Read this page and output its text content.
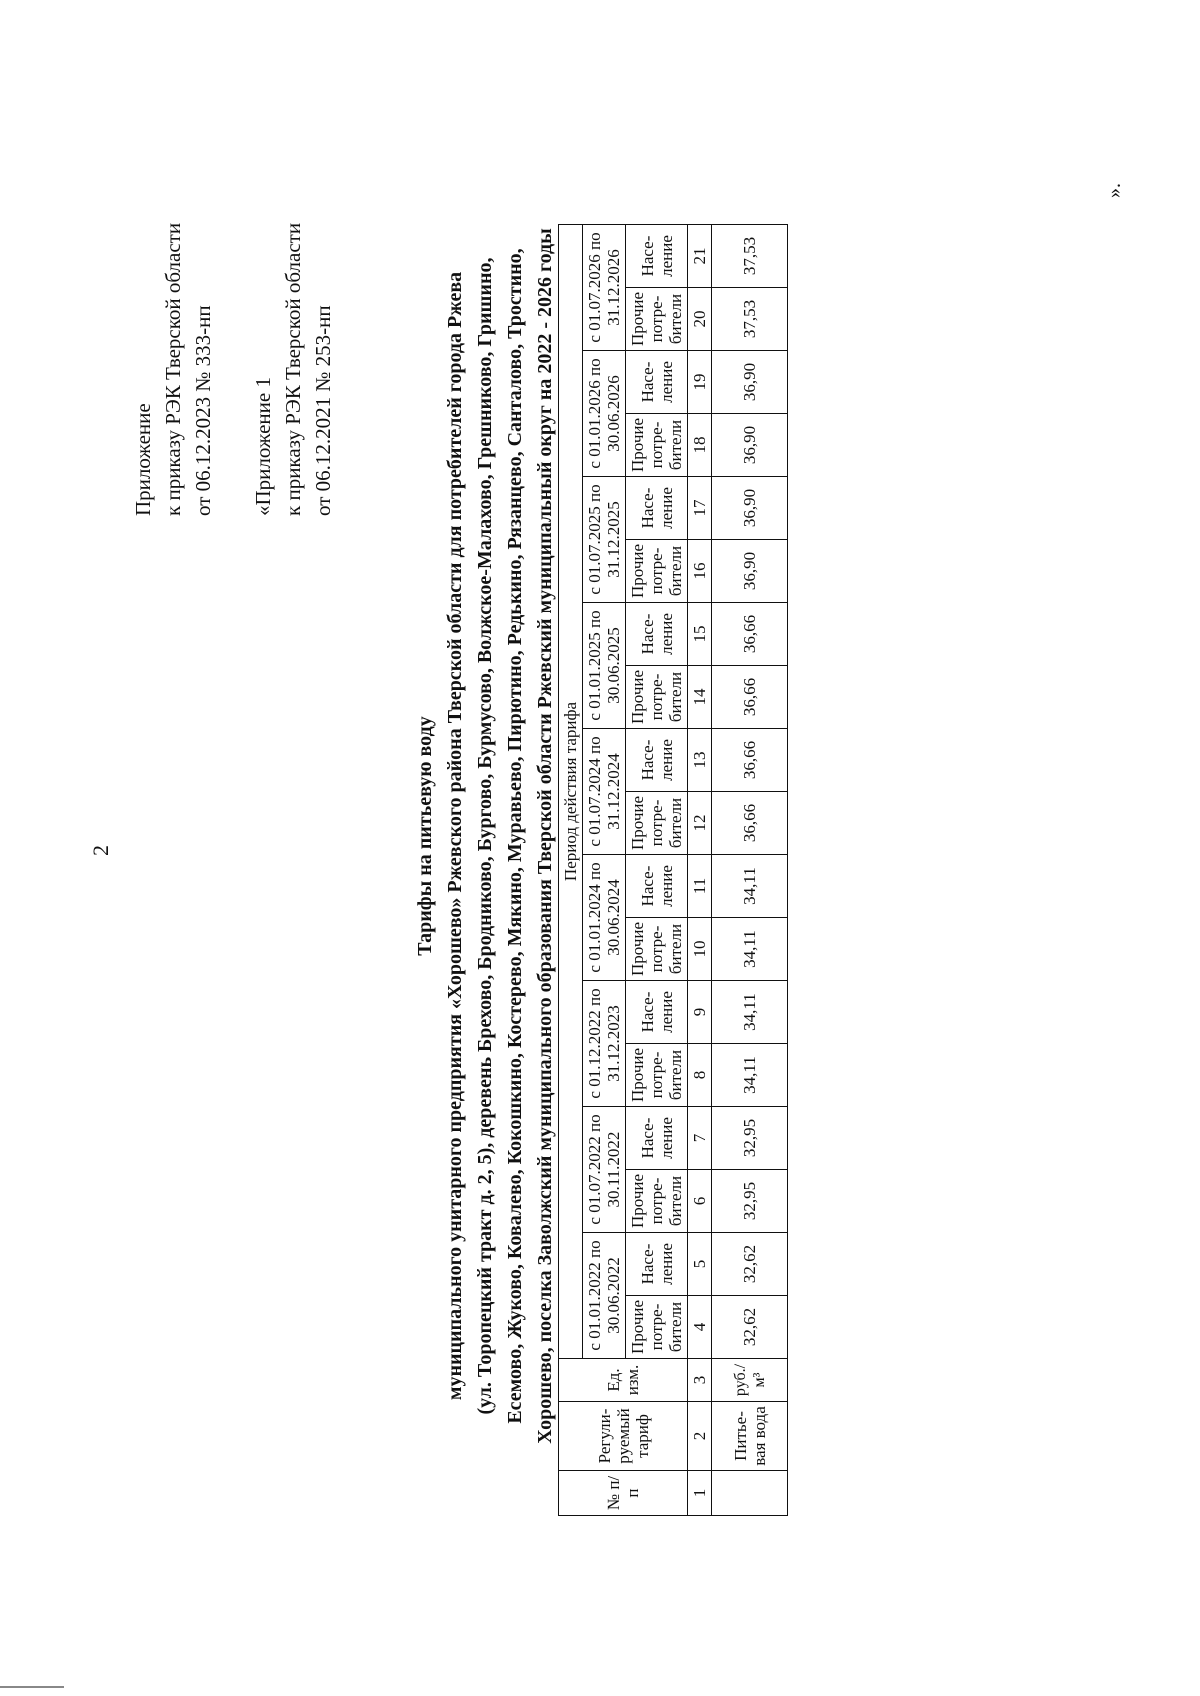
2
Приложение к приказу РЭК Тверской области от 06.12.2023 № 333-нп «Приложение 1 к приказу РЭК Тверской области от 06.12.2021 № 253-нп
Тарифы на питьевую воду муниципального унитарного предприятия «Хорошево» Ржевского района Тверской области для потребителей города Ржева (ул. Торопецкий тракт д. 2, 5), деревень Брехово, Бродниково, Бургово, Бурмусово, Волжское-Малахово, Грешниково, Гришино, Есемово, Жуково, Ковалево, Кокошкино, Костерево, Мякино, Муравьево, Пирютино, Редькино, Рязанцево, Санталово, Тростино, Хорошево, поселка Заволжский муниципального образования Тверской области Ржевский муниципальный округ на 2022 - 2026 годы
№ п/п	Регули-руемый тариф	Ед. изм.	Период действия тарифа																	
			с 01.01.2022 по 30.06.2022		с 01.07.2022 по 30.11.2022		с 01.12.2022 по 31.12.2023		с 01.01.2024 по 30.06.2024		с 01.07.2024 по 31.12.2024		с 01.01.2025 по 30.06.2025		с 01.07.2025 по 31.12.2025		с 01.01.2026 по 30.06.2026		с 01.07.2026 по 31.12.2026	
			Прочие потре-бители	Насе-ление	Прочие потре-бители	Насе-ление	Прочие потре-бители	Насе-ление	Прочие потре-бители	Насе-ление	Прочие потре-бители	Насе-ление	Прочие потре-бители	Насе-ление	Прочие потре-бители	Насе-ление	Прочие потре-бители	Насе-ление	Прочие потре-бители	Насе-ление
1	2	3	4	5	6	7	8	9	10	11	12	13	14	15	16	17	18	19	20	21
	Питье-вая вода	руб./м³	32,62	32,62	32,95	32,95	34,11	34,11	34,11	34,11	36,66	36,66	36,66	36,66	36,90	36,90	36,90	36,90	37,53	37,53
».
